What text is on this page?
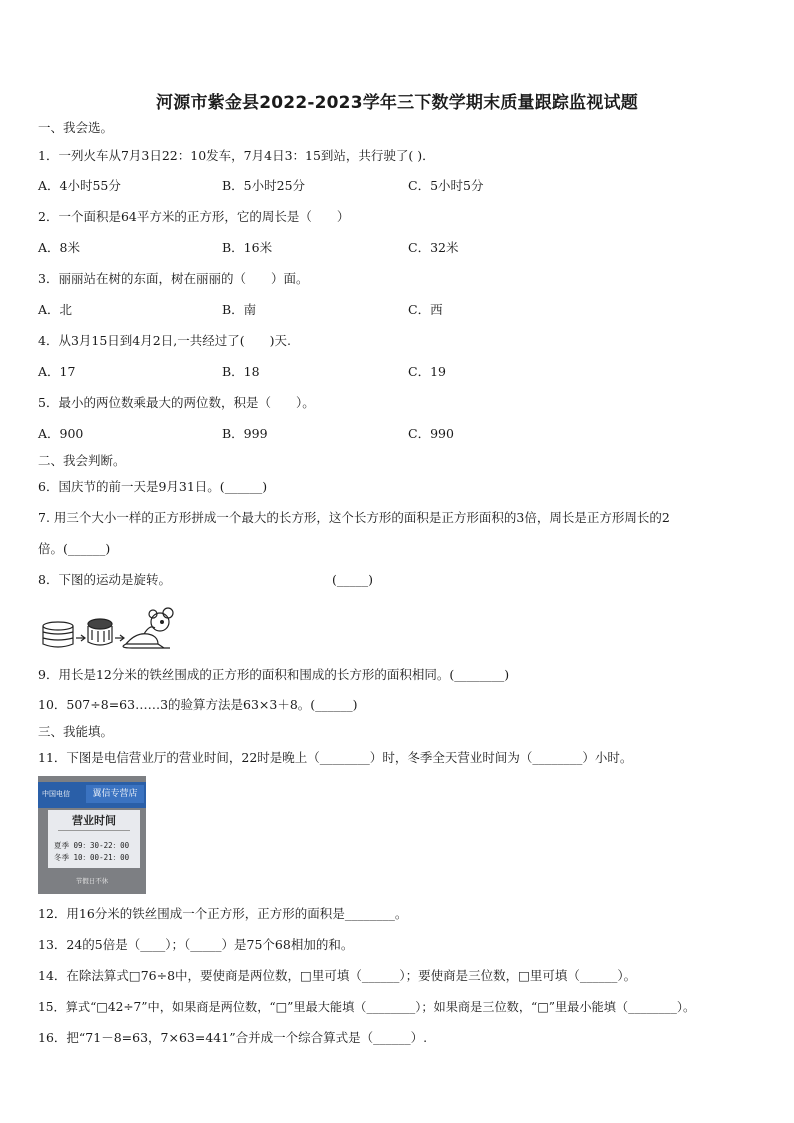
河源市紫金县2022-2023学年三下数学期末质量跟踪监视试题
一、我会选。
1．一列火车从7月3日22：10发车，7月4日3：15到站，共行驶了( )．
A．4小时55分	B．5小时25分	C．5小时5分
2．一个面积是64平方米的正方形，它的周长是（　　）
A．8米	B．16米	C．32米
3．丽丽站在树的东面，树在丽丽的（　　）面。
A．北	B．南	C．西
4．从3月15日到4月2日,一共经过了(　　)天.
A．17	B．18	C．19
5．最小的两位数乘最大的两位数，积是（　　）。
A．900	B．999	C．990
二、我会判断。
6．国庆节的前一天是9月31日。(______)
7. 用三个大小一样的正方形拼成一个最大的长方形，这个长方形的面积是正方形面积的3倍，周长是正方形周长的2
倍。(______)
8．下图的运动是旋转。	(_____)
9．用长是12分米的铁丝围成的正方形的面积和围成的长方形的面积相同。(________)
10．507÷8=63……3的验算方法是63×3＋8。(______)
三、我能填。
11．下图是电信营业厅的营业时间，22时是晚上（________）时，冬季全天营业时间为（________）小时。
中国电信	翼信专营店
营业时间
夏季 09：30-22：00
冬季 10：00-21：00
节假日不休
12．用16分米的铁丝围成一个正方形，正方形的面积是________。
13．24的5倍是（____）；（_____）是75个68相加的和。
14．在除法算式□76÷8中，要使商是两位数，□里可填（______）；要使商是三位数，□里可填（______）。
15．算式“□42÷7”中，如果商是两位数，“□”里最大能填（________）；如果商是三位数，“□”里最小能填（________）。
16．把“71－8=63，7×63=441”合并成一个综合算式是（______）.
